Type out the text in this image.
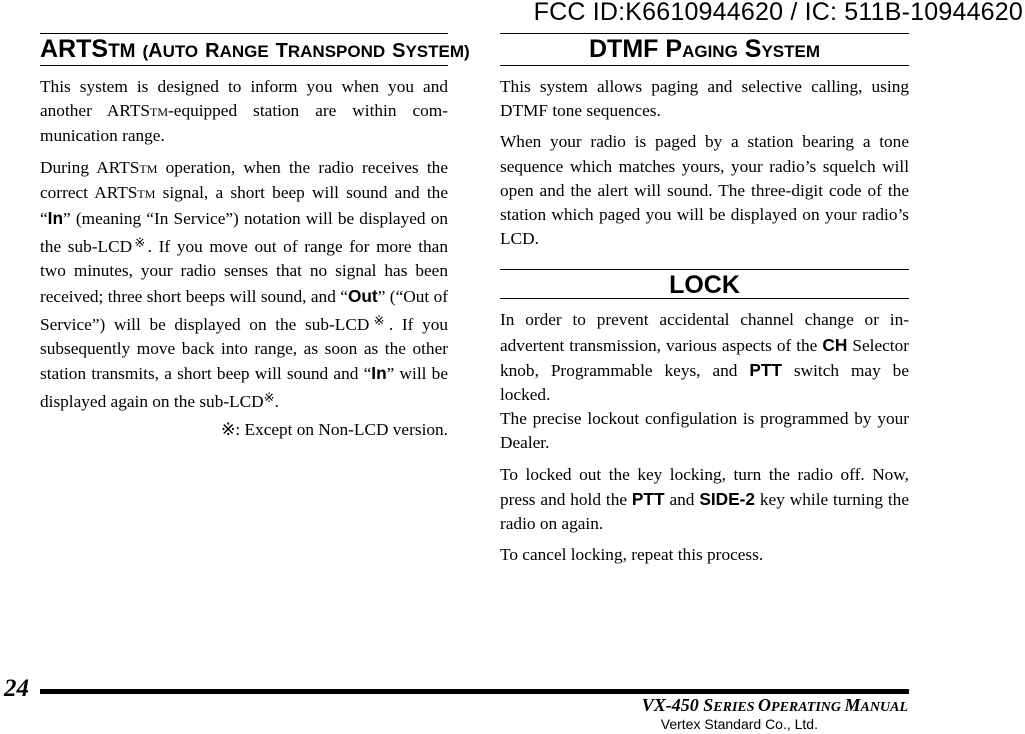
FCC ID:K6610944620 / IC: 511B-10944620
ARTSTM (AUTO RANGE TRANSPOND SYSTEM)

This system is designed to inform you when you and another ARTSTM-equipped station are within communication range.

During ARTSTM operation, when the radio receives the correct ARTSTM signal, a short beep will sound and the “In” (meaning “In Service”) notation will be displayed on the sub-LCD※. If you move out of range for more than two minutes, your radio senses that no signal has been received; three short beeps will sound, and “Out” (“Out of Service”) will be displayed on the sub-LCD※. If you subsequently move back into range, as soon as the other station transmits, a short beep will sound and “In” will be displayed again on the sub-LCD※.

※: Except on Non-LCD version.
DTMF PAGING SYSTEM

This system allows paging and selective calling, using DTMF tone sequences.

When your radio is paged by a station bearing a tone sequence which matches yours, your radio’s squelch will open and the alert will sound. The three-digit code of the station which paged you will be displayed on your radio’s LCD.

LOCK

In order to prevent accidental channel change or inadvertent transmission, various aspects of the CH Selector knob, Programmable keys, and PTT switch may be locked.

The precise lockout configulation is programmed by your Dealer.

To locked out the key locking, turn the radio off. Now, press and hold the PTT and SIDE-2 key while turning the radio on again.

To cancel locking, repeat this process.

24
VX-450 SERIES OPERATING MANUAL
Vertex Standard Co., Ltd.
